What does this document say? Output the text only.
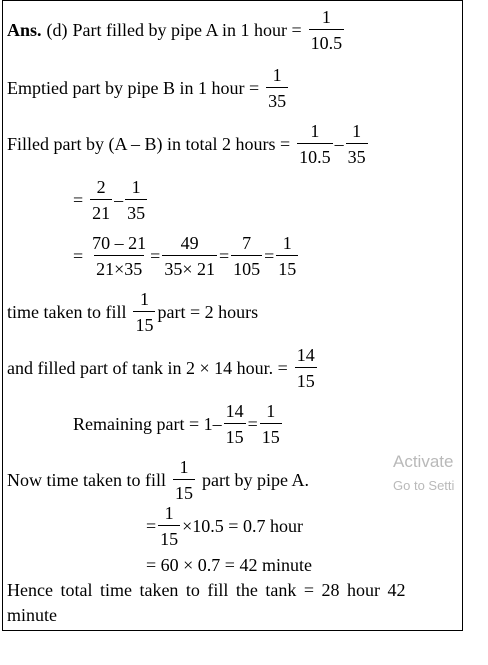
Ans. (d) Part filled by pipe A in 1 hour = $\frac{1}{10.5}$
Emptied part by pipe B in 1 hour = $\frac{1}{35}$
Filled part by (A – B) in total 2 hours = $\frac{1}{10.5} - \frac{1}{35}$
= $\frac{2}{21} - \frac{1}{35}$
= $\frac{70 - 21}{21\times 35} = \frac{49}{35\times 21} = \frac{7}{105} = \frac{1}{15}$
time taken to fill $\frac{1}{15}$ part = 2 hours
and filled part of tank in 2 × 14 hour. = $\frac{14}{15}$
Remaining part = $1- \frac{14}{15} = \frac{1}{15}$
Now time taken to fill $\frac{1}{15}$ part by pipe A.
= $\frac{1}{15} \times 10.5 = 0.7$ hour
= 60 × 0.7 = 42 minute
Hence total time taken to fill the tank = 28 hour 42
minute
Activate
Go to Setti
